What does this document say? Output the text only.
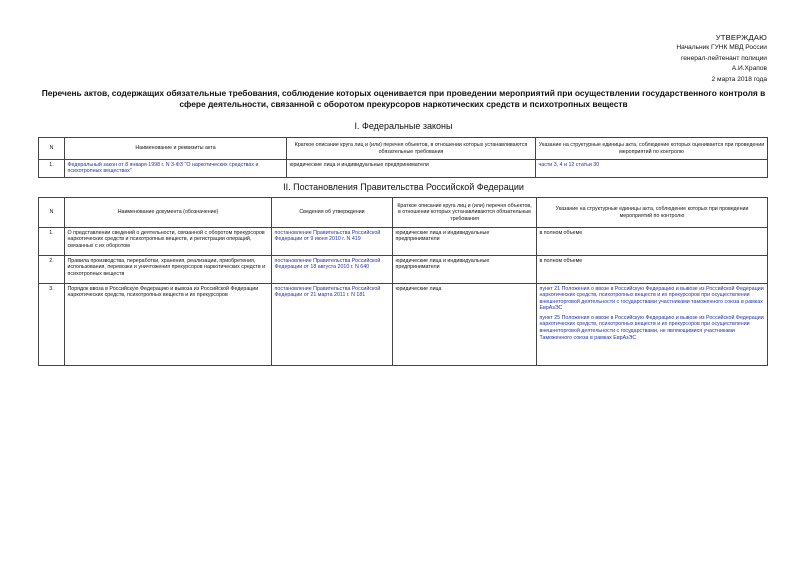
УТВЕРЖДАЮ
Начальник ГУНК МВД России
генерал-лейтенант полиции
А.И.Храпов
2 марта 2018 года
Перечень актов, содержащих обязательные требования, соблюдение которых оценивается при проведении мероприятий при осуществлении государственного контроля в сфере деятельности, связанной с оборотом прекурсоров наркотических средств и психотропных веществ
I. Федеральные законы
N	Наименование и реквизиты акта	Краткое описание круга лиц и (или) перечня объектов, в отношении которых устанавливаются обязательные требования	Указание на структурные единицы акта, соблюдение которых оценивается при проведении мероприятий по контролю
1.	Федеральный закон от 8 января 1998 г. N 3-ФЗ "О наркотических средствах и психотропных веществах"	юридические лица и индивидуальные предприниматели	части 3, 4 и 12 статьи 30
II. Постановления Правительства Российской Федерации
N	Наименование документа (обозначение)	Сведения об утверждении	Краткое описание круга лиц и (или) перечня объектов, в отношении которых устанавливаются обязательные требования	Указание на структурные единицы акта, соблюдение которых при проведении мероприятий по контролю
1.	О представлении сведений о деятельности, связанной с оборотом прекурсоров наркотических средств и психотропных веществ, и регистрации операций, связанных с их оборотом	постановление Правительства Российской Федерации от 9 июня 2010 г. N 419	юридические лица и индивидуальные предприниматели	в полном объеме

2.	Правила производства, переработки, хранения, реализации, приобретения, использования, перевозки и уничтожения прекурсоров наркотических средств и психотропных веществ	постановление Правительства Российской Федерации от 18 августа 2010 г. N 640	юридические лица и индивидуальные предприниматели	в полном объеме

3.	Порядок ввоза в Российскую Федерацию и вывоза из Российской Федерации наркотических средств, психотропных веществ и их прекурсоров	постановление Правительства Российской Федерации от 21 марта 2011 г. N 181	юридические лица	пункт 21 Положения о ввозе в Российскую Федерацию и вывозе из Российской Федерации наркотических средств, психотропных веществ и их прекурсоров при осуществлении внешнеторговой деятельности с государствами участниками таможенного союза в рамках ЕврАзЭС
пункт 25 Положения о ввозе в Российскую Федерацию и вывозе из Российской Федерации наркотических средств, психотропных веществ и их прекурсоров при осуществлении внешнеторговой деятельности с государствами, не являющимися участниками Таможенного союза в рамках ЕврАзЭС
